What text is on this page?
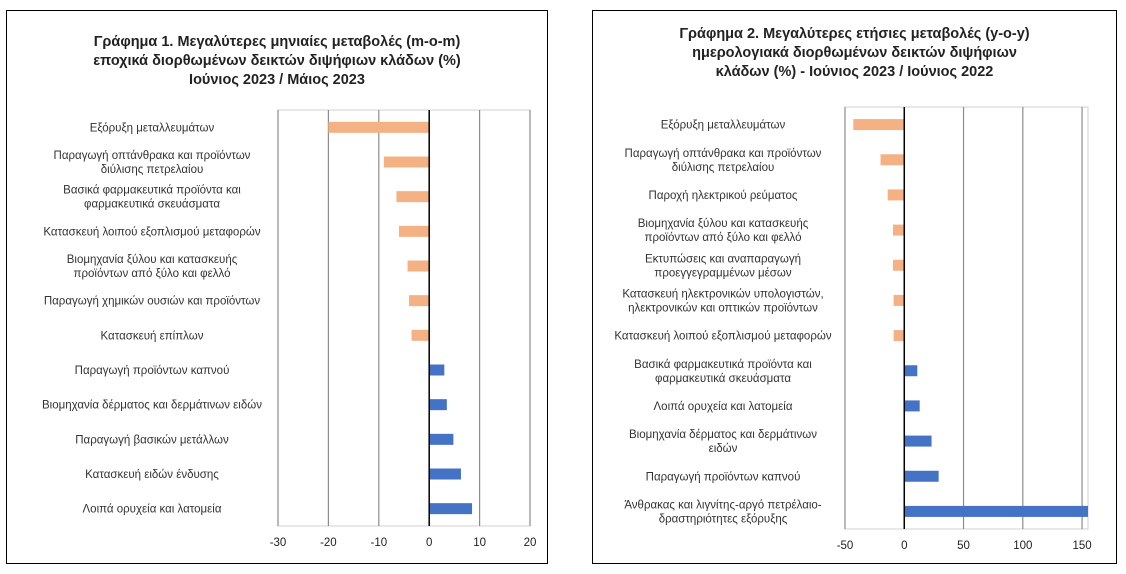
Γράφημα 1. Μεγαλύτερες μηνιαίες μεταβολές (m-o-m)
εποχικά διορθωμένων δεικτών διψήφιων κλάδων (%)
Ιούνιος 2023 / Μάιος 2023
Εξόρυξη μεταλλευμάτων
Παραγωγή οπτάνθρακα και προϊόντων
διύλισης πετρελαίου
Βασικά φαρμακευτικά προϊόντα και
φαρμακευτικά σκευάσματα
Κατασκευή λοιπού εξοπλισμού μεταφορών
Βιομηχανία ξύλου και κατασκευής
προϊόντων από ξύλο και φελλό
Παραγωγή χημικών ουσιών και προϊόντων
Κατασκευή επίπλων
Παραγωγή προϊόντων καπνού
Βιομηχανία δέρματος και δερμάτινων ειδών
Παραγωγή βασικών μετάλλων
Κατασκευή ειδών ένδυσης
Λοιπά ορυχεία και λατομεία
-30	-20	-10	0	10	20
Γράφημα 2. Μεγαλύτερες ετήσιες μεταβολές (y-o-y)
ημερολογιακά διορθωμένων δεικτών διψήφιων
κλάδων (%) - Ιούνιος 2023 / Ιούνιος 2022
Εξόρυξη μεταλλευμάτων
Παραγωγή οπτάνθρακα και προϊόντων
διύλισης πετρελαίου
Παροχή ηλεκτρικού ρεύματος
Βιομηχανία ξύλου και κατασκευής
προϊόντων από ξύλο και φελλό
Εκτυπώσεις και αναπαραγωγή
προεγγεγραμμένων μέσων
Κατασκευή ηλεκτρονικών υπολογιστών,
ηλεκτρονικών και οπτικών προϊόντων
Κατασκευή λοιπού εξοπλισμού μεταφορών
Βασικά φαρμακευτικά προϊόντα και
φαρμακευτικά σκευάσματα
Λοιπά ορυχεία και λατομεία
Βιομηχανία δέρματος και δερμάτινων
ειδών
Παραγωγή προϊόντων καπνού
Άνθρακας και λιγνίτης-αργό πετρέλαιο-
δραστηριότητες εξόρυξης
-50	0	50	100	150
